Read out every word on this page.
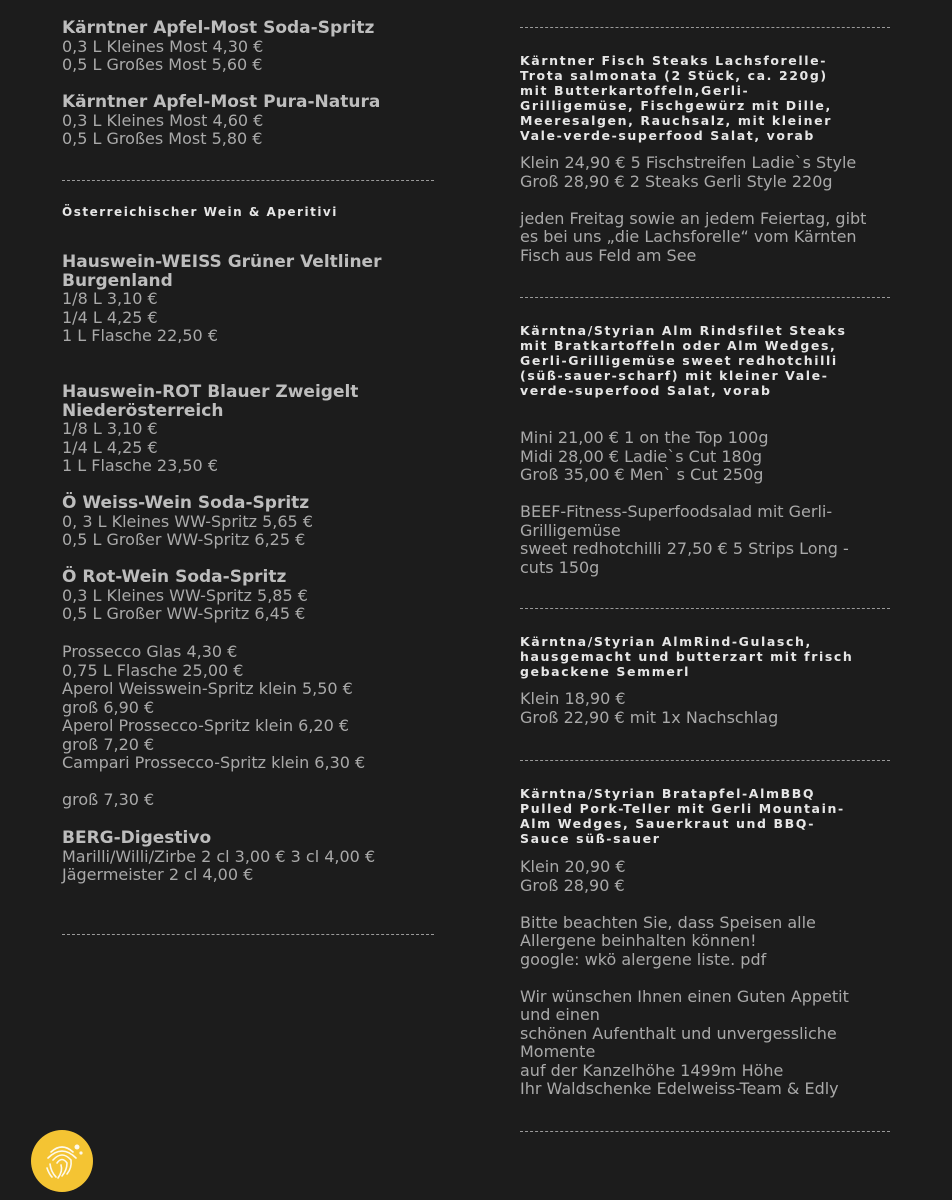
Kärntner Apfel-Most Soda-Spritz

0,3 L Kleines Most 4,30 €

0,5 L Großes Most 5,60 €

Kärntner Apfel-Most Pura-Natura

0,3 L Kleines Most 4,60 €

0,5 L Großes Most 5,80 €

Österreichischer Wein & Aperitivi

Hauswein-WEISS Grüner Veltliner

Burgenland

1/8 L 3,10 €

1/4 L 4,25 €

1 L Flasche 22,50 €

Hauswein-ROT Blauer Zweigelt

Niederösterreich

1/8 L 3,10 €

1/4 L 4,25 €

1 L Flasche 23,50 €

Ö Weiss-Wein Soda-Spritz

0, 3 L Kleines WW-Spritz 5,65 €

0,5 L Großer WW-Spritz 6,25 €

Ö Rot-Wein Soda-Spritz

0,3 L Kleines WW-Spritz 5,85 €

0,5 L Großer WW-Spritz 6,45 €

Prossecco Glas 4,30 €

0,75 L Flasche 25,00 €

Aperol Weisswein-Spritz klein 5,50 €

groß 6,90 €

Aperol Prossecco-Spritz klein 6,20 €

groß 7,20 €

Campari Prossecco-Spritz klein 6,30 €

groß 7,30 €

BERG-Digestivo

Marilli/Willi/Zirbe 2 cl 3,00 € 3 cl 4,00 €

Jägermeister 2 cl 4,00 €

Kärntner Fisch Steaks Lachsforelle-

Trota salmonata (2 Stück, ca. 220g)

mit Butterkartoffeln,Gerli-

Grilligemüse, Fischgewürz mit Dille,

Meeresalgen, Rauchsalz, mit kleiner

Vale-verde-superfood Salat, vorab

Klein 24,90 € 5 Fischstreifen Ladie`s Style

Groß 28,90 € 2 Steaks Gerli Style 220g

jeden Freitag sowie an jedem Feiertag, gibt

es bei uns „die Lachsforelle“ vom Kärnten

Fisch aus Feld am See

Kärntna/Styrian Alm Rindsfilet Steaks

mit Bratkartoffeln oder Alm Wedges,

Gerli-Grilligemüse sweet redhotchilli

(süß-sauer-scharf) mit kleiner Vale-

verde-superfood Salat, vorab

Mini 21,00 € 1 on the Top 100g

Midi 28,00 € Ladie`s Cut 180g

Groß 35,00 € Men` s Cut 250g

BEEF-Fitness-Superfoodsalad mit Gerli-

Grilligemüse

sweet redhotchilli 27,50 € 5 Strips Long -

cuts 150g

Kärntna/Styrian AlmRind-Gulasch,

hausgemacht und butterzart mit frisch

gebackene Semmerl

Klein 18,90 €

Groß 22,90 € mit 1x Nachschlag

Kärntna/Styrian Bratapfel-AlmBBQ

Pulled Pork-Teller mit Gerli Mountain-

Alm Wedges, Sauerkraut und BBQ-

Sauce süß-sauer

Klein 20,90 €

Groß 28,90 €

Bitte beachten Sie, dass Speisen alle

Allergene beinhalten können!

google: wkö alergene liste. pdf

Wir wünschen Ihnen einen Guten Appetit

und einen

schönen Aufenthalt und unvergessliche

Momente

auf der Kanzelhöhe 1499m Höhe

Ihr Waldschenke Edelweiss-Team & Edly
